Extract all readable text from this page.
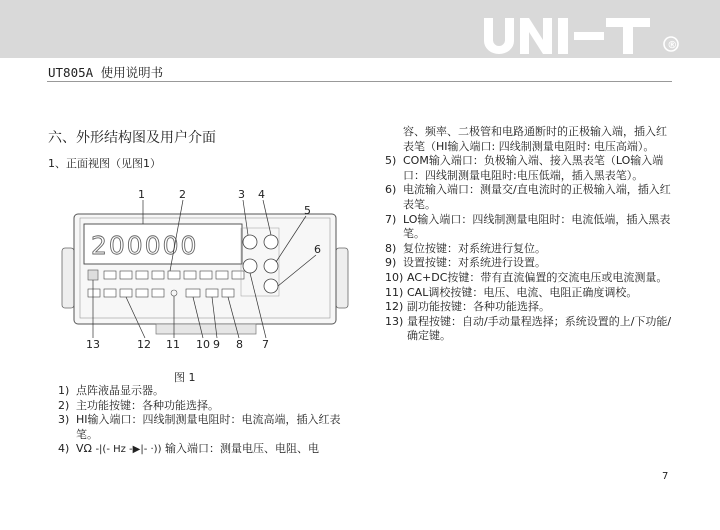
®
UT805A 使用说明书
六、外形结构图及用户介面
1、正面视图（见图1）
200000
1	2	3 4
5
6
7
8
9
10
11
12
13
图 1
1) 点阵液晶显示器。
2) 主功能按键：各种功能选择。
3) HI输入端口：四线制测量电阻时：电流高端，插入红表笔。
4) VΩ -|(- Hz -▶|- ·)) 输入端口：测量电压、电阻、电
容、频率、二极管和电路通断时的正极输入端，插入红表笔（HI输入端口: 四线制测量电阻时: 电压高端）。
5) COM输入端口：负极输入端、接入黑表笔（LO输入端口：四线制测量电阻时:电压低端，插入黑表笔）。
6) 电流输入端口：测量交/直电流时的正极输入端，插入红表笔。
7) LO输入端口：四线制测量电阻时：电流低端，插入黑表笔。
8) 复位按键：对系统进行复位。
9) 设置按键：对系统进行设置。
10) AC+DC按键：带有直流偏置的交流电压或电流测量。
11) CAL调校按键：电压、电流、电阻正确度调校。
12) 副功能按键：各种功能选择。
13) 量程按键：自动/手动量程选择；系统设置的上/下功能/确定键。
7
